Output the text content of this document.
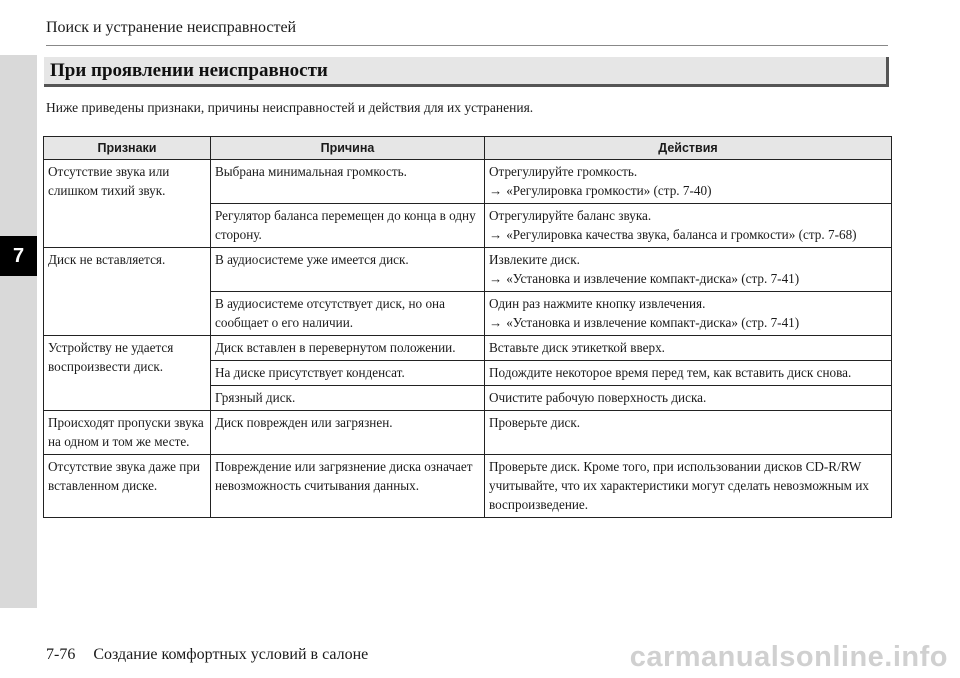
7
Поиск и устранение неисправностей
При проявлении неисправности
Ниже приведены признаки, причины неисправностей и действия для их устранения.
Признаки	Причина	Действия
Отсутствие звука или слишком тихий звук.	Выбрана минимальная громкость.	Отрегулируйте громкость.
→ «Регулировка громкости» (стр. 7-40)

	Регулятор баланса перемещен до конца в одну сторону.	Отрегулируйте баланс звука.
→ «Регулировка качества звука, баланса и громкости» (стр. 7-68)

Диск не вставляется.	В аудиосистеме уже имеется диск.	Извлеките диск.
→ «Установка и извлечение компакт-диска» (стр. 7-41)

	В аудиосистеме отсутствует диск, но она сообщает о его наличии.	Один раз нажмите кнопку извлечения.
→ «Установка и извлечение компакт-диска» (стр. 7-41)

Устройству не удается воспроизвести диск.	Диск вставлен в перевернутом положении.	Вставьте диск этикеткой вверх.
	На диске присутствует конденсат.	Подождите некоторое время перед тем, как вставить диск снова.
	Грязный диск.	Очистите рабочую поверхность диска.
Происходят пропуски звука на одном и том же месте.	Диск поврежден или загрязнен.	Проверьте диск.
Отсутствие звука даже при вставленном диске.	Повреждение или загрязнение диска означает невозможность считывания данных.	Проверьте диск. Кроме того, при использовании дисков CD-R/RW учитывайте, что их характеристики могут сделать невозможным их воспроизведение.
7-76 Создание комфортных условий в салоне	carmanualsonline.info
